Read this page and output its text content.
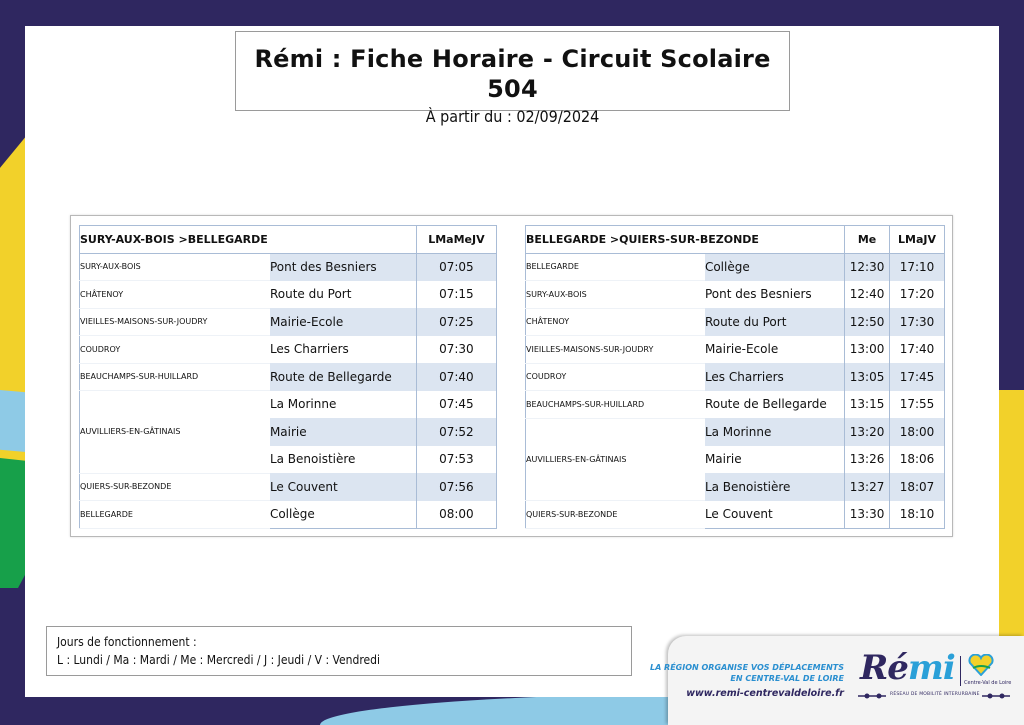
Rémi : Fiche Horaire - Circuit Scolaire 504
À partir du : 02/09/2024
SURY-AUX-BOIS >BELLEGARDE		LMaMeJV
SURY-AUX-BOIS	Pont des Besniers	07:05
CHÂTENOY	Route du Port	07:15
VIEILLES-MAISONS-SUR-JOUDRY	Mairie-Ecole	07:25
COUDROY	Les Charriers	07:30
BEAUCHAMPS-SUR-HUILLARD	Route de Bellegarde	07:40
AUVILLIERS-EN-GÂTINAIS	La Morinne	07:45
	Mairie	07:52
	La Benoistière	07:53
QUIERS-SUR-BEZONDE	Le Couvent	07:56
BELLEGARDE	Collège	08:00
BELLEGARDE >QUIERS-SUR-BEZONDE		Me	LMaJV
BELLEGARDE	Collège	12:30	17:10
SURY-AUX-BOIS	Pont des Besniers	12:40	17:20
CHÂTENOY	Route du Port	12:50	17:30
VIEILLES-MAISONS-SUR-JOUDRY	Mairie-Ecole	13:00	17:40
COUDROY	Les Charriers	13:05	17:45
BEAUCHAMPS-SUR-HUILLARD	Route de Bellegarde	13:15	17:55
AUVILLIERS-EN-GÂTINAIS	La Morinne	13:20	18:00
	Mairie	13:26	18:06
	La Benoistière	13:27	18:07
QUIERS-SUR-BEZONDE	Le Couvent	13:30	18:10
Jours de fonctionnement :
L : Lundi / Ma : Mardi / Me : Mercredi / J : Jeudi / V : Vendredi
LA RÉGION ORGANISE VOS DÉPLACEMENTS
EN CENTRE-VAL DE LOIRE
www.remi-centrevaldeloire.fr
Rémi Centre-Val de Loire
RÉSEAU DE MOBILITÉ INTERURBAINE
